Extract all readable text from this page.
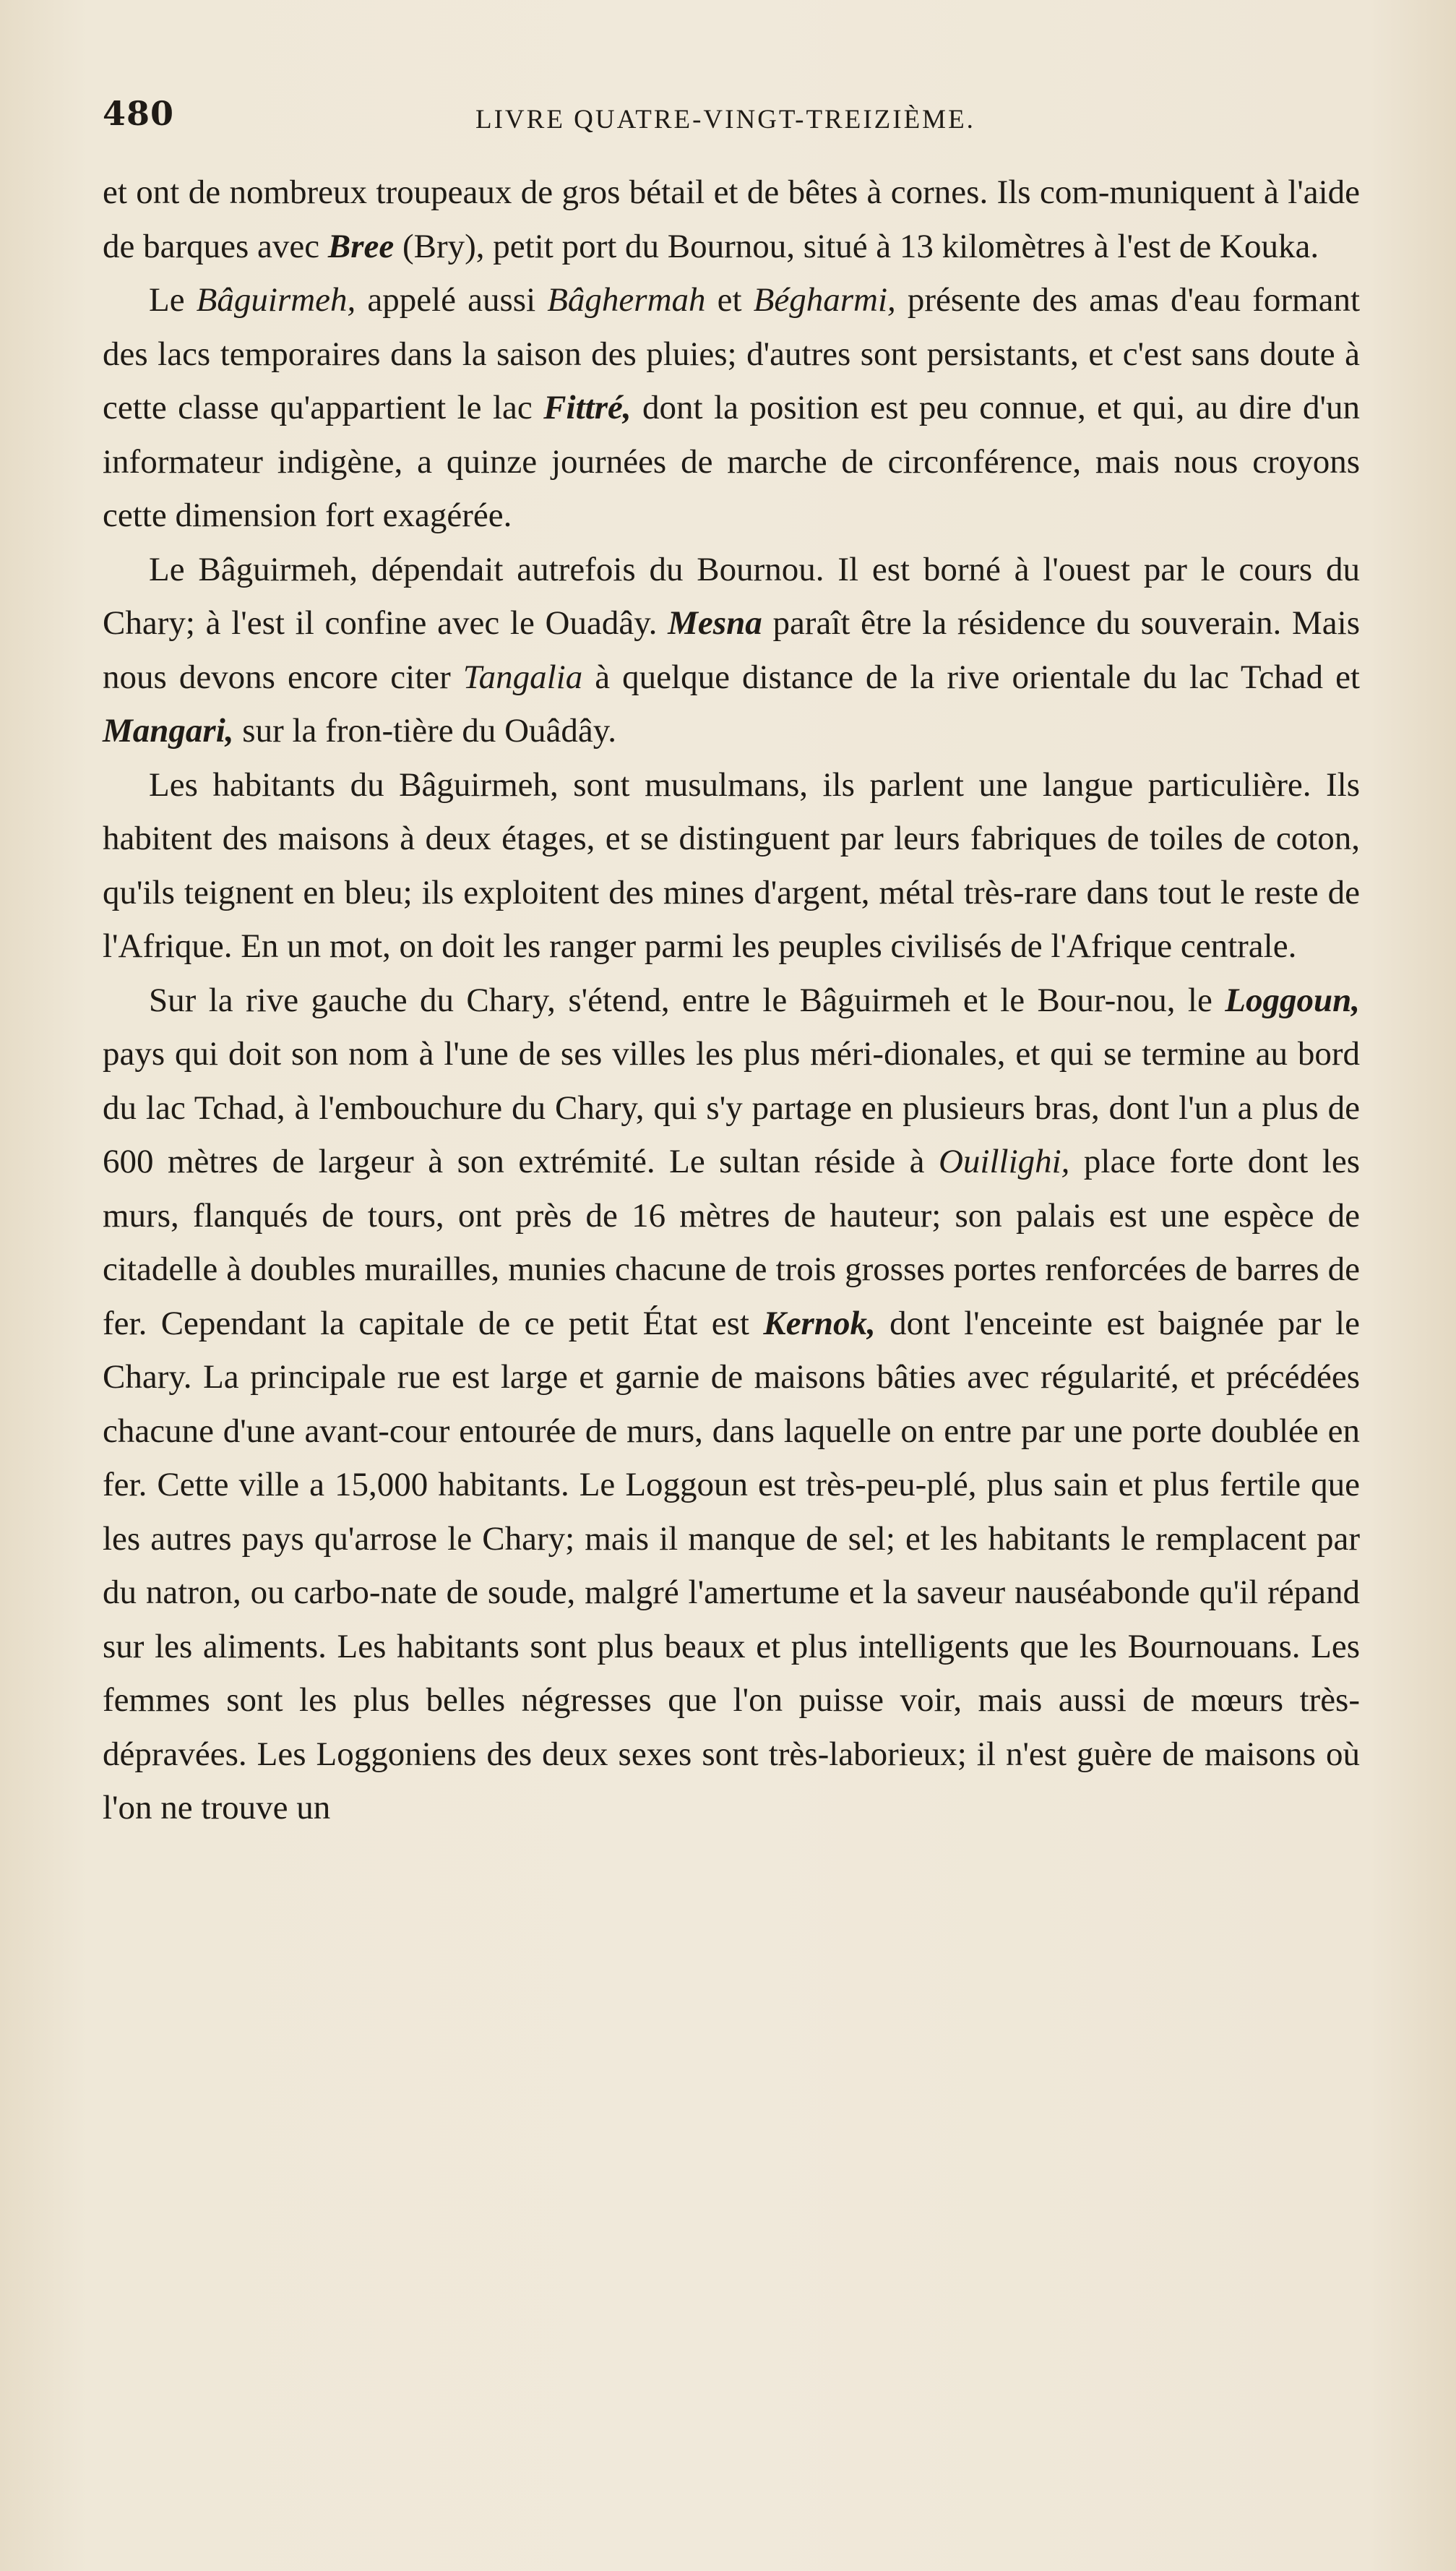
480	LIVRE QUATRE-VINGT-TREIZIÈME.

et ont de nombreux troupeaux de gros bétail et de bêtes à cornes. Ils com-muniquent à l'aide de barques avec Bree (Bry), petit port du Bournou, situé à 13 kilomètres à l'est de Kouka.

Le Bâguirmeh, appelé aussi Bâghermah et Bégharmi, présente des amas d'eau formant des lacs temporaires dans la saison des pluies; d'autres sont persistants, et c'est sans doute à cette classe qu'appartient le lac Fittré, dont la position est peu connue, et qui, au dire d'un informateur indigène, a quinze journées de marche de circonférence, mais nous croyons cette dimension fort exagérée.

Le Bâguirmeh, dépendait autrefois du Bournou. Il est borné à l'ouest par le cours du Chary; à l'est il confine avec le Ouadây. Mesna paraît être la résidence du souverain. Mais nous devons encore citer Tangalia à quelque distance de la rive orientale du lac Tchad et Mangari, sur la fron-tière du Ouâdây.

Les habitants du Bâguirmeh, sont musulmans, ils parlent une langue particulière. Ils habitent des maisons à deux étages, et se distinguent par leurs fabriques de toiles de coton, qu'ils teignent en bleu; ils exploitent des mines d'argent, métal très-rare dans tout le reste de l'Afrique. En un mot, on doit les ranger parmi les peuples civilisés de l'Afrique centrale.

Sur la rive gauche du Chary, s'étend, entre le Bâguirmeh et le Bour-nou, le Loggoun, pays qui doit son nom à l'une de ses villes les plus méri-dionales, et qui se termine au bord du lac Tchad, à l'embouchure du Chary, qui s'y partage en plusieurs bras, dont l'un a plus de 600 mètres de largeur à son extrémité. Le sultan réside à Ouillighi, place forte dont les murs, flanqués de tours, ont près de 16 mètres de hauteur; son palais est une espèce de citadelle à doubles murailles, munies chacune de trois grosses portes renforcées de barres de fer. Cependant la capitale de ce petit État est Kernok, dont l'enceinte est baignée par le Chary. La principale rue est large et garnie de maisons bâties avec régularité, et précédées chacune d'une avant-cour entourée de murs, dans laquelle on entre par une porte doublée en fer. Cette ville a 15,000 habitants. Le Loggoun est très-peu-plé, plus sain et plus fertile que les autres pays qu'arrose le Chary; mais il manque de sel; et les habitants le remplacent par du natron, ou carbo-nate de soude, malgré l'amertume et la saveur nauséabonde qu'il répand sur les aliments. Les habitants sont plus beaux et plus intelligents que les Bournouans. Les femmes sont les plus belles négresses que l'on puisse voir, mais aussi de mœurs très-dépravées. Les Loggoniens des deux sexes sont très-laborieux; il n'est guère de maisons où l'on ne trouve un
